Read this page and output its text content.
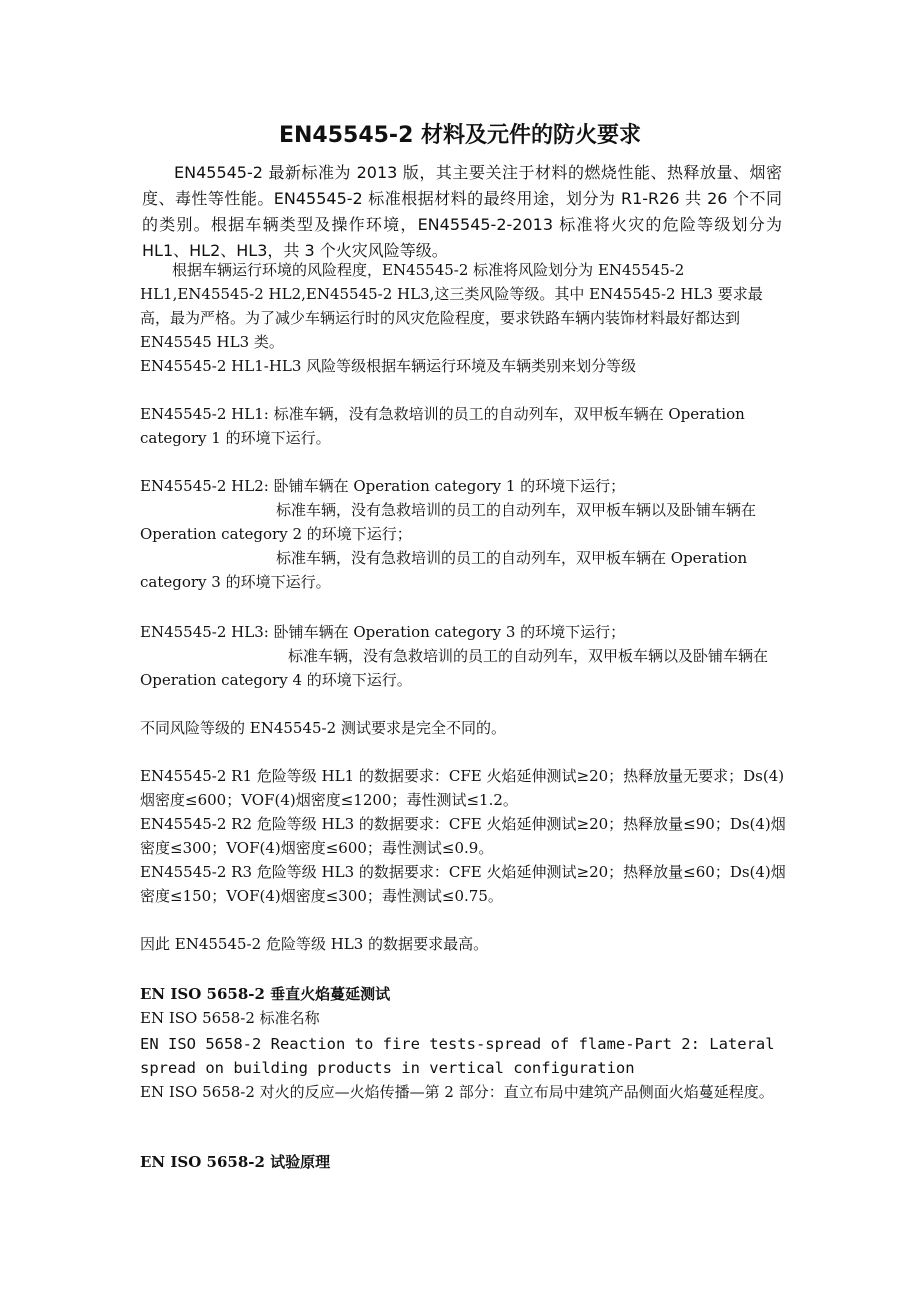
EN45545-2 材料及元件的防火要求
EN45545-2 最新标准为 2013 版，其主要关注于材料的燃烧性能、热释放量、烟密度、毒性等性能。EN45545-2 标准根据材料的最终用途，划分为 R1-R26 共 26 个不同的类别。根据车辆类型及操作环境，EN45545-2-2013 标准将火灾的危险等级划分为 HL1、HL2、HL3，共 3 个火灾风险等级。
根据车辆运行环境的风险程度，EN45545-2 标准将风险划分为 EN45545-2 HL1,EN45545-2 HL2,EN45545-2 HL3,这三类风险等级。其中 EN45545-2 HL3 要求最高，最为严格。为了减少车辆运行时的风灾危险程度，要求铁路车辆内装饰材料最好都达到 EN45545 HL3 类。
EN45545-2 HL1-HL3 风险等级根据车辆运行环境及车辆类别来划分等级
EN45545-2 HL1: 标准车辆，没有急救培训的员工的自动列车，双甲板车辆在 Operation category 1 的环境下运行。
EN45545-2 HL2: 卧铺车辆在 Operation category 1 的环境下运行；
标准车辆，没有急救培训的员工的自动列车，双甲板车辆以及卧铺车辆在 Operation category 2 的环境下运行；
标准车辆，没有急救培训的员工的自动列车，双甲板车辆在 Operation category 3 的环境下运行。
EN45545-2 HL3: 卧铺车辆在 Operation category 3 的环境下运行；
标准车辆，没有急救培训的员工的自动列车，双甲板车辆以及卧铺车辆在 Operation category 4 的环境下运行。
不同风险等级的 EN45545-2 测试要求是完全不同的。
EN45545-2 R1 危险等级 HL1 的数据要求：CFE 火焰延伸测试≥20；热释放量无要求；Ds(4)烟密度≤600；VOF(4)烟密度≤1200；毒性测试≤1.2。
EN45545-2 R2 危险等级 HL3 的数据要求：CFE 火焰延伸测试≥20；热释放量≤90；Ds(4)烟密度≤300；VOF(4)烟密度≤600；毒性测试≤0.9。
EN45545-2 R3 危险等级 HL3 的数据要求：CFE 火焰延伸测试≥20；热释放量≤60；Ds(4)烟密度≤150；VOF(4)烟密度≤300；毒性测试≤0.75。
因此 EN45545-2 危险等级 HL3 的数据要求最高。
EN ISO 5658-2 垂直火焰蔓延测试
EN ISO 5658-2 标准名称
EN ISO 5658-2 Reaction to fire tests-spread of flame-Part 2: Lateral spread on building products in vertical configuration
EN ISO 5658-2 对火的反应—火焰传播—第 2 部分：直立布局中建筑产品侧面火焰蔓延程度。
EN ISO 5658-2 试验原理
